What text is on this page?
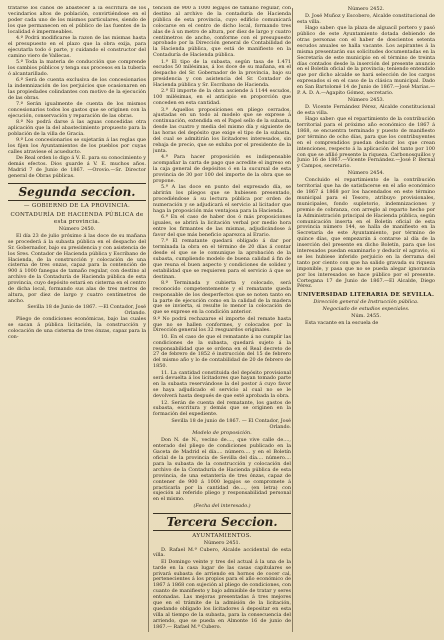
tratarse los caños de abastecer á la escritura de los vecindarios altos de población, convirtiéndose en el poder cada uno de los mismos particulares, siendo de los que permanecen en el público de las fuentes de la localidad é impermeables.

4.º Podrá modificarse la razon de las mismas hasta el presupuesto en el plazo que la obra exija, para ejecutarla todo ó parte, y cuidando el constructor del camino viero de Vallecas.

5.º Toda la materia de conducción que comprende los cambios públicos y tenga sus procesos en la tubería ó alcantarillado.

6.º Será de cuenta exclusiva de los concesionarios la indemnización de los perjuicios que ocasionaren en las propiedades colindantes con motivo de la ejecución de las obras.

7.º Serán igualmente de cuenta de los mismos concesionarios todos los gastos que se originen con la ejecución, conservación y reparación de las obras.

8.º No podrá darse á las aguas concedidas otra aplicación que la del abastecimiento propuesto para la población de la villa de Gracia.

9.º Los concesionarios se sujetarán á las reglas que los fijen los Ayuntamientos de los pueblos por cuyas calles atraviese el acueducto.

De Real orden lo digo á V. E. para su conocimiento y demás efectos. Dios guarde á V. E. muchos años. Madrid 7 de Junio de 1867. —Orovio.—Sr. Director general de Obras públicas.

Segunda seccion.
— GOBIERNO DE LA PROVINCIA.
CONTADURÍA DE HACIENDA PÚBLICA de esta provincia.
Número 2450.

El día 23 de julio próximo á las doce de su mañana se procederá á la subasta pública en el despacho del Sr. Gobernador, bajo su presidencia y con asistencia de los Sres. Contador de Hacienda pública y Escribano de Hacienda, de la construcción y colocación de una cisterna de tres onzas, capaz para la contención de 900 á 1000 fanegas de tamaño regular, con destino al archivo de la Contaduría de Hacienda pública de esta provincia, cuyo depósito estará en cisterna en el centro de dicha local, formando sus alas de tres metros de altura, por diez de largo y cuatro centímetros de ancho.

Sevilla 18 de Junio de 1867. —El Contador, José Orlando.

Pliego de condiciones económicas, bajo las cuales se sacan á pública licitación, la construcción y colocación de una cisterna de tres ónzas, capaz para la con-

tención de 900 á 1000 legajos de tamaño regular, con destino al archivo de la contaduría de Hacienda pública de esta provincia, cuyo edificio comunicará colocarse en el centro de dicho local, formando tres alas de á un metro de altura, por diez de largo y cuatro centímetros de ancho, conforme con el presupuesto aprobado por la Dirección general de Contabilidad de la Hacienda pública, que está de manifiesto en la Contaduría de Hacienda pública.

1.ª El tipo de la subasta, según tasa de 1.471 escudos 50 milésimas, á los doce de su mañana, en el despacho del Sr. Gobernador de la provincia, bajo su presidencia y con asistencia del Sr. Contador de Hacienda pública y Sr. Escribano de Hacienda.

2.ª El importe de la obra asciende á 1144 escudos, 100 milésimas, en el anticipio en proporción que conceden en esta cantidad.

3.ª Aquellos proposiciones en pliego cerrados, ajustadas en un todo al modelo que se exprese á continuación, extendida en el Papel sello de la subasta, desde las cuatro y media del mismo día y siguiente de las horas del depósito que exige el tipo de la subasta, del cual se admitirán los licitadores interesados, sin rebaja de precio, que se exhiba por el presidente de la junta.

4.ª Para hacer proposición es indispensable acompañar la carta de pago que acredite el ingreso en la caja general de depósitos ó en la sucursal de esta provincia de 30 por 100 del importe de la obra que se propone.

5.ª A las doce en punto del expresado día, se abrirán los pliegos que se hubiesen presentado, procediéndose á su lectura pública por orden de numeración y se adjudicará el servicio al licitador que haga la proposición más ventajosa para la Hacienda.

6.ª En el caso de haber dos ó más proposiciones iguales, se abrirá la licitación verbal por medio hora entre los firmantes de las mismas, adjudicándose á favor del que más beneficio aparezca al Erario.

7.ª El rematante quedará obligado á dar por terminada la obra en el término de 20 días á contar desde el que se le comunique la aprobación de la subasta, cumpliendo modelo de buena calidad á fin de que reuna el buen aspecto y condiciones de solidez y estabilidad que se requieren para el servicio á que se destinan.

8.º Terminada y cubierta y colocado, será reconocido competentemente y el rematante queda responsable de los desperfectos que se noten tanto en la parte de ejecución como en la calidad de la madera que se invierta, si resulte lo menor la colocación de que se exprese en la condición anterior.

9.º No podrá rechazarse el importe del remate hasta que no se hallen conformes, y colocados por la Dirección general los 32 resguardos originales.

10. En el caso de que el rematante á no cumplir las condiciones de la subasta, quedará sujeto á la responsabilidad que se ordena en el Real decreto de 27 de febrero de 1852 é instrucción del 15 de febrero del mismo año y lo de contabilidad de 20 de febrero de 1850.

11. La cantidad constituida del depósito provisional será devuelta á los licitadores que hayan tomado parte en la subasta reservándose la del postor á cuyo favor se haya adjudicado el servicio al cual no se le devolverá hasta después de que esté aprobada la obra.

12. Serán de cuenta del rematante, los gastos de subasta, escritura y demás que se originen en la formación del expediente.

Sevilla 18 de junio de 1867. — El Contador, José Orlando.

Modelo de proposición.

Don N. de N., vecino de...., que vive calle de...., enterado del pliego de condiciones publicado en la Gaceta de Madrid el día.... número.... y en el Boletín oficial de la provincia de Sevilla del día.... número.... para la subasta de la construcción y colocación del archivo de la Contaduría de Hacienda pública de esta provincia, de una estantería de tres ónzas, capaz de contener de 900 á 1000 legajos se compromete á practicarla por la cantidad de...., (en letra) con sujeción al referido pliego y responsabilidad personal en el mismo.

(Fecha del interesado.)

Tercera Seccion.
AYUNTAMIENTOS.
Número 2451.

D. Rafael M.ª Cubero, Alcalde accidental de esta villa.

El Domingo veinte y tres del actual á la una de la tarde en la casa lugar de las casas capitulares se privará subasta de arriendo en hornos de cocer cal, pertenecientes á los propios para el año económico de 1867 á 1868 con sujeción al pliego de condiciones, con cuanto de manifiesto y bajo admisible de tratar y seres entonadas. Las mejoras presentadas á tres mejores que en el trámite de la admisión de la licitación, quedando obligado los licitadores á depositar en esta villa al tiempo de la subasta, para la consecuencia del arriendo, que se pueda en Almonte 16 de junio de 1867.— Rafael M.ª Cubero.

Número 2452.

D. José Muñoz y Escobero, Alcalde constitucional de esta villa.

Hago saber: que la plaza de alguacil portero y pasó público de este Ayuntamiento dotada debiendo de otras personas con el haber de doscientos setenta escudos anuales se halla vacante. Los aspirantes á la misma presentarán sus solicitudes documentadas en la Secretaría de este municipio en el término de treinta días contados desde la inserción del presente anuncio en el Boletín oficial de la provincia; teniendo entendido que por dicho alcalde se hará selección de los cargos expresados si en el caso de la clásica municipal. Dado en San Bartolomé 14 de Junio de 1867.—José Marías.—P. A. D. A.—Agapito Gómez, secretario.

Número 2453.

D. Vicente Fernández Pérez, Alcalde constitucional de esta villa.

Hago saber: que el repartimiento de la contribución territorial para el próximo año económico de 1867 á 1868, se encuentra terminado y puesto de manifiesto por término de ocho días, para que los contribuyentes en el comprendidos puedan deducir los que crean intenciones, respecto á la aplicación del tanto por 100 con que se afilió presente la riqueza. Carbonosquillos y Junio 16 de 1867.—Vicente Fernández.—José P. Bernal y Campos, secretario.

Número 2454.

Concluido el repartimiento de la contribución territorial que ha de satisfacerse en el año económico de 1867 á 1868 por los hacendados en este término municipal para el Tesoro, atribuyo provisionales, municipales, fondo supletorio, indemnizaciones y premio de cobranza, con arreglo al reparto hecho por la Administración principal de Hacienda pública, según comunicación inserta en el Boletín oficial de esta provincia número 144, se halla de manifiesto en la Secretaría de este Ayuntamiento, por término de quince días, que empezarán á contarse al día de la inserción del presente en dicho Boletín, para que los interesados puedan examinarlo y deducir el agravio, si se les hubiese inferido perjuicio en la derrama del tanto por ciento con que ha salido gravada su riqueza imponible, y pasa que no se pueda alegar ignorancia por los interesados se hace público por el presente. Cortegana 17 de Junio de 1867.—El Alcalde, Diego Pérez.

UNIVERSIDAD LITERARIA DE SEVILLA.
Dirección general de Instrucción pública.
Negociado de estudios especiales.
Núm. 2455.

Esta vacante en la escuela de
